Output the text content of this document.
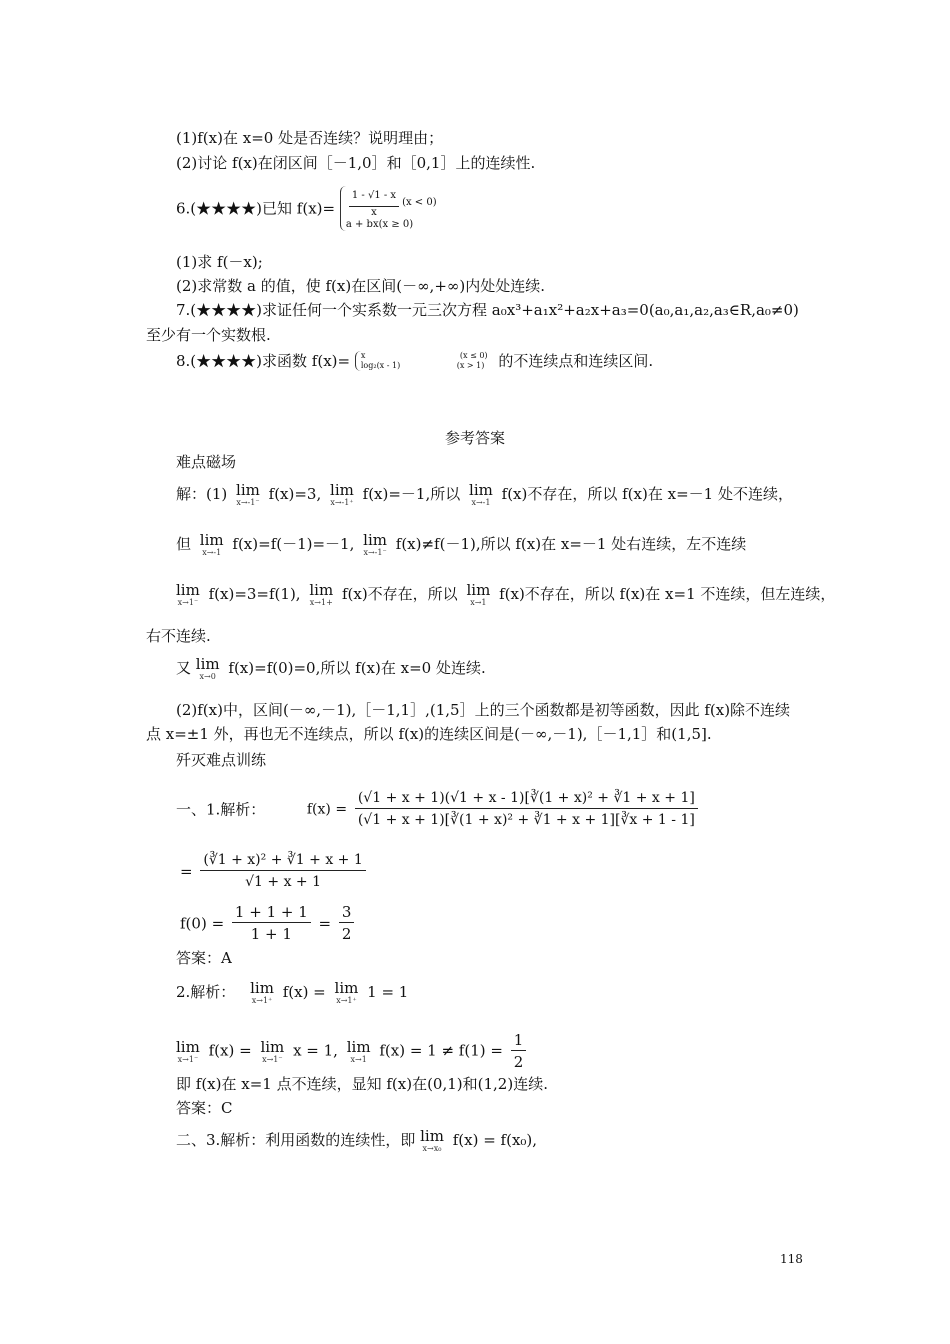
(1)f(x)在 x=0 处是否连续？说明理由；
(2)讨论 f(x)在闭区间［－1,0］和［0,1］上的连续性.
6.(★★★★)已知 $f(x)= \frac{1 - √1 - x}{x} (x < 0)$

a + bx(x ≥ 0)
(1)求 f(－x);
(2)求常数 a 的值，使 f(x)在区间(－∞,+∞)内处处连续.
7.(★★★★)求证任何一个实系数一元三次方程 a₀x³+a₁x²+a₂x+a₃=0(a₀,a₁,a₂,a₃∈R,a₀≠0)
至少有一个实数根.
8.(★★★★)求函数 f(x)= x	(x ≤ 0)
log₂(x - 1)	(x > 1) 的不连续点和连续区间.
参考答案
难点磁场
解：(1) lim
x→-1⁻ f(x)=3, lim
x→-1⁺ f(x)=－1,所以 lim
x→-1 f(x)不存在，所以 f(x)在 x=－1 处不连续，
但 lim
x→-1 f(x)=f(－1)=－1, lim
x→-1⁻ f(x)≠f(－1),所以 f(x)在 x=－1 处右连续，左不连续
lim
x→1⁻ f(x)=3=f(1), lim
x→1+ f(x)不存在，所以 lim
x→1 f(x)不存在，所以 f(x)在 x=1 不连续，但左连续，
右不连续.
又 lim
x→0 f(x)=f(0)=0,所以 f(x)在 x=0 处连续.
(2)f(x)中，区间(－∞,－1),［－1,1］,(1,5］上的三个函数都是初等函数，因此 f(x)除不连续
点 x=±1 外，再也无不连续点，所以 f(x)的连续区间是(－∞,－1),［－1,1］和(1,5].
歼灭难点训练
一、1.解析：	$f(x) = \frac{\text{(√1 + x + 1)(√1 + x - 1)[∛(1 + x)² + ∛1 + x + 1]}}{\text{(√1 + x + 1)[∛(1 + x)² + ∛1 + x + 1][∛x + 1 - 1]}}$
= $\frac{\text{(∛1 + x)² + ∛1 + x + 1}}{√1 + x + 1}$
$f(0) = \frac{1 + 1 + 1}{1 + 1} = \frac{3}{2}$
答案：A
2.解析： lim
x→1⁺ f(x) = lim
x→1⁺ 1 = 1
lim
x→1⁻ f(x) = lim
x→1⁻ x = 1, lim
x→1 $f(x) = 1 \ne f(1) = \frac{1}{2}$
即 f(x)在 x=1 点不连续，显知 f(x)在(0,1)和(1,2)连续.
答案：C
二、3.解析：利用函数的连续性，即 lim
x→x₀ f(x) = f(x₀),
118
